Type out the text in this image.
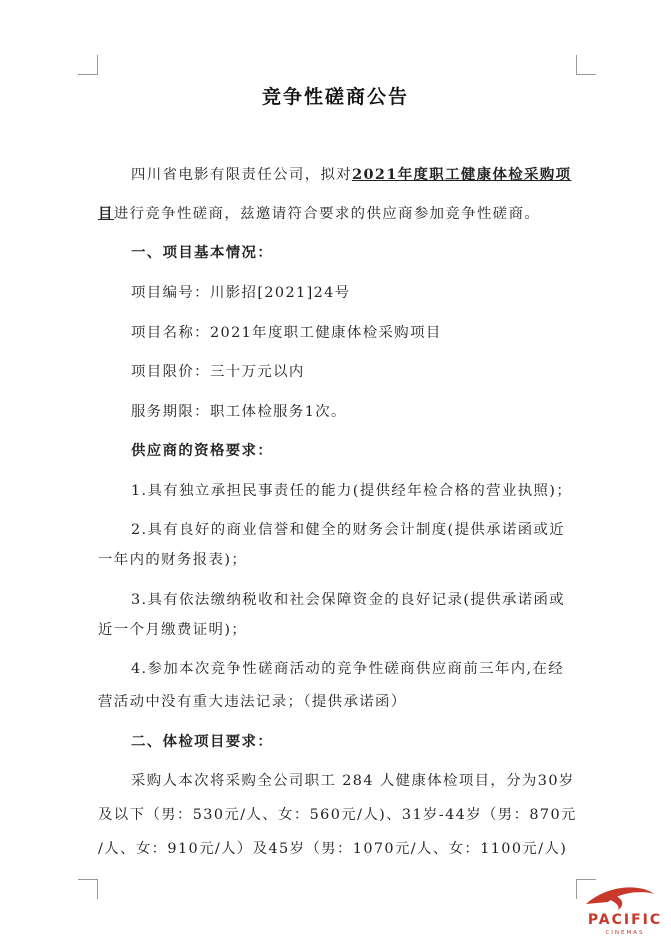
竞争性磋商公告
四川省电影有限责任公司，拟对2021年度职工健康体检采购项
目进行竞争性磋商，兹邀请符合要求的供应商参加竞争性磋商。
一、项目基本情况：
项目编号：川影招[2021]24号
项目名称：2021年度职工健康体检采购项目
项目限价：三十万元以内
服务期限：职工体检服务1次。
供应商的资格要求：
1.具有独立承担民事责任的能力(提供经年检合格的营业执照)；
2.具有良好的商业信誉和健全的财务会计制度(提供承诺函或近
一年内的财务报表)；
3.具有依法缴纳税收和社会保障资金的良好记录(提供承诺函或
近一个月缴费证明)；
4.参加本次竞争性磋商活动的竞争性磋商供应商前三年内,在经
营活动中没有重大违法记录；（提供承诺函）
二、体检项目要求：
采购人本次将采购全公司职工 284 人健康体检项目，分为30岁
及以下（男：530元/人、女：560元/人)、31岁-44岁（男：870元
/人、女：910元/人）及45岁（男：1070元/人、女：1100元/人)
PACIFIC
CINEMAS
